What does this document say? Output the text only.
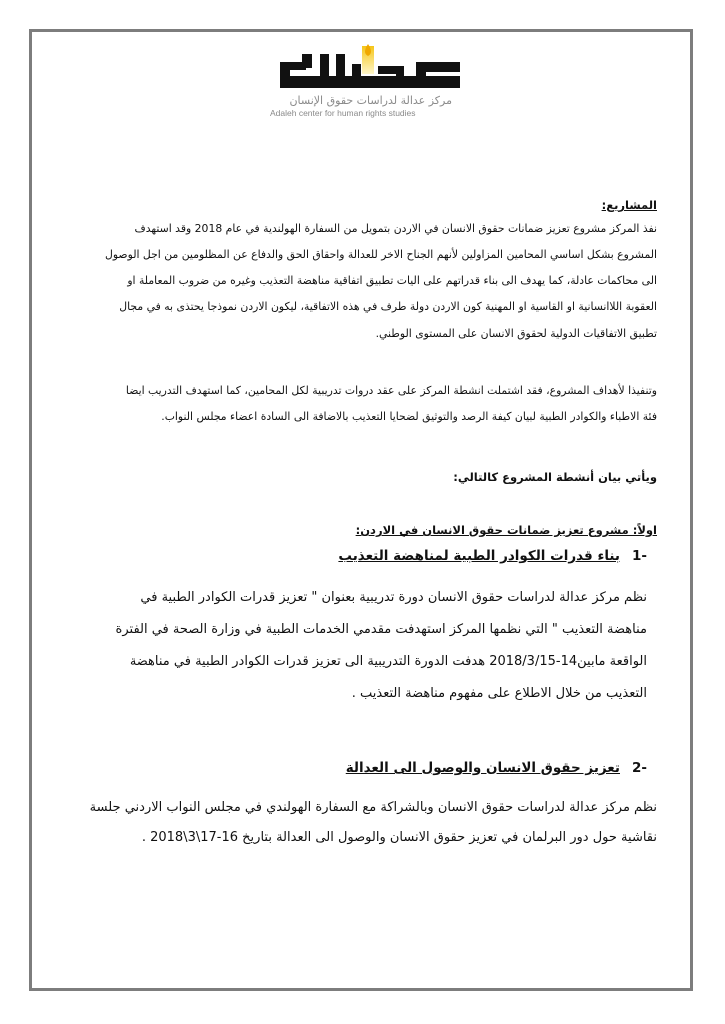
مركز عدالة لدراسات حقوق الإنسان
Adaleh center for human rights studies
المشاريع:
نفذ المركز مشروع تعزيز ضمانات حقوق الانسان في الاردن بتمويل من السفارة الهولندية في عام 2018 وقد استهدف
المشروع بشكل اساسي المحامين المزاولين لأنهم الجناح الاخر للعدالة واحقاق الحق والدفاع عن المظلومين من اجل الوصول
الى محاكمات عادلة، كما يهدف الى بناء قدراتهم على اليات تطبيق اتفاقية مناهضة التعذيب وغيره من ضروب المعاملة او
العقوبة اللاانسانية او القاسية او المهنية كون الاردن دولة طرف في هذه الاتفاقية، ليكون الاردن نموذجا يحتذى به في مجال
تطبيق الاتفاقيات الدولية لحقوق الانسان على المستوى الوطني.
وتنفيذا لأهداف المشروع، فقد اشتملت انشطة المركز على عقد دروات تدريبية لكل المحامين، كما استهدف التدريب ايضا
فئة الاطباء والكوادر الطبية لبيان كيفة الرصد والتوثيق لضحايا التعذيب بالاضافة الى السادة اعضاء مجلس النواب.
ويأتي بيان أنشطة المشروع كالتالي:
اولاً: مشروع تعزيز ضمانات حقوق الانسان في الاردن:
1-
بناء قدرات الكوادر الطبية لمناهضة التعذيب
نظم مركز عدالة لدراسات حقوق الانسان دورة تدريبية بعنوان " تعزيز قدرات الكوادر الطبية في
مناهضة التعذيب " التي نظمها المركز استهدفت مقدمي الخدمات الطبية في وزارة الصحة في الفترة
الواقعة مابين14-2018/3/15 هدفت الدورة التدريبية الى تعزيز قدرات الكوادر الطبية في مناهضة
التعذيب من خلال الاطلاع على مفهوم مناهضة التعذيب .
2-
تعزيز حقوق الانسان والوصول الى العدالة
نظم مركز عدالة لدراسات حقوق الانسان وبالشراكة مع السفارة الهولندي في مجلس النواب الاردني جلسة
نقاشية حول دور البرلمان في تعزيز حقوق الانسان والوصول الى العدالة بتاريخ 16-17\3\2018 .
